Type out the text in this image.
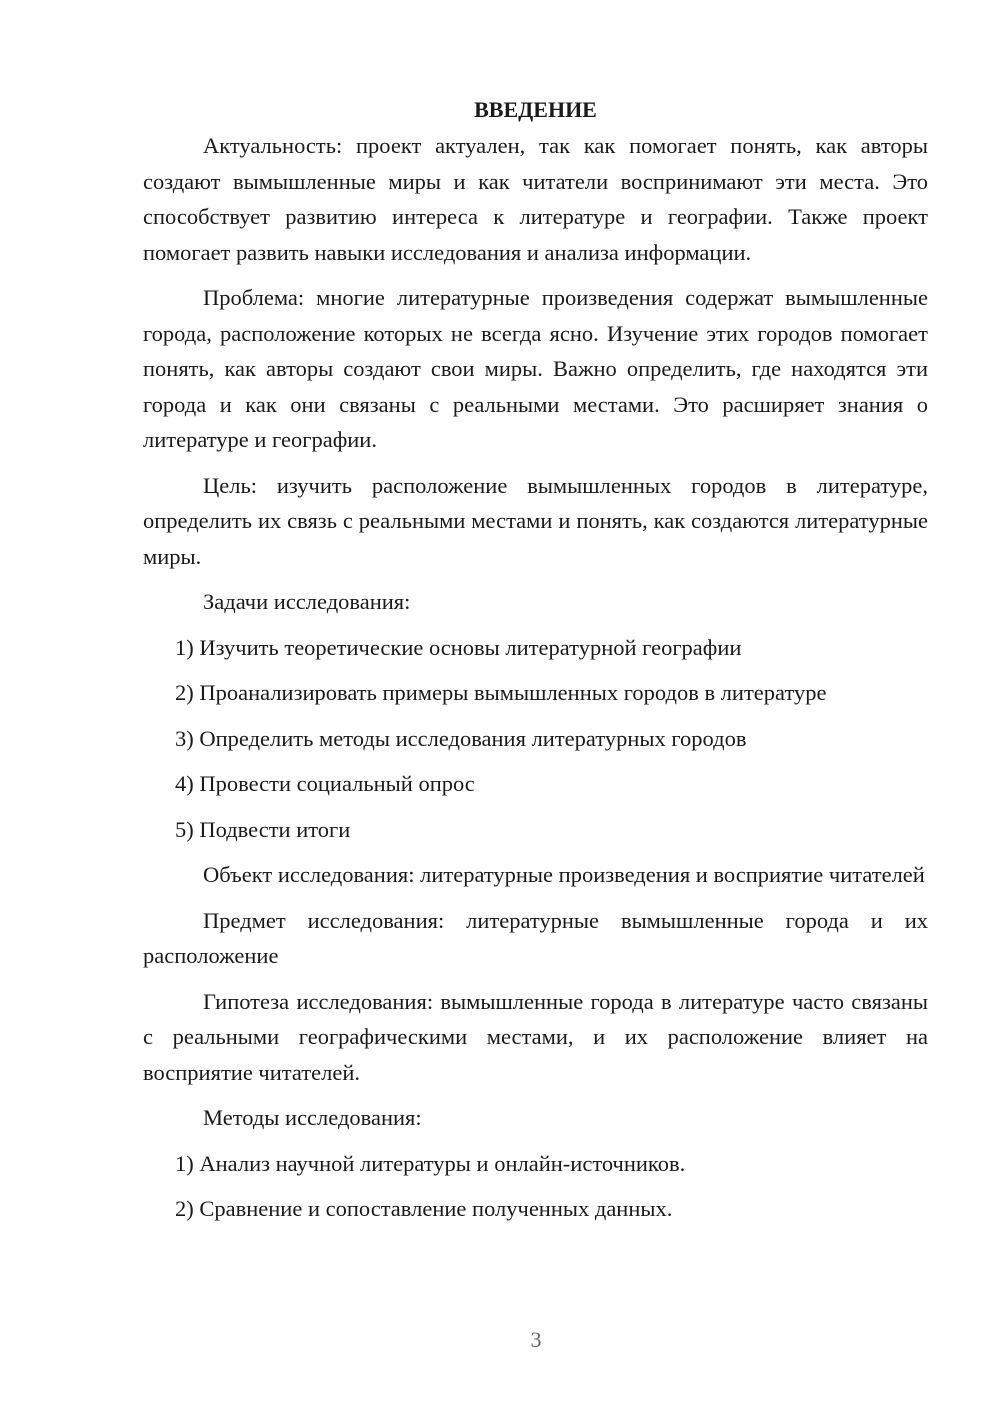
ВВЕДЕНИЕ

Актуальность: проект актуален, так как помогает понять, как авторы создают вымышленные миры и как читатели воспринимают эти места. Это способствует развитию интереса к литературе и географии. Также проект помогает развить навыки исследования и анализа информации.

Проблема: многие литературные произведения содержат вымышленные города, расположение которых не всегда ясно. Изучение этих городов помогает понять, как авторы создают свои миры. Важно определить, где находятся эти города и как они связаны с реальными местами. Это расширяет знания о литературе и географии.

Цель: изучить расположение вымышленных городов в литературе, определить их связь с реальными местами и понять, как создаются литературные миры.

Задачи исследования:

1) Изучить теоретические основы литературной географии
2) Проанализировать примеры вымышленных городов в литературе
3) Определить методы исследования литературных городов
4) Провести социальный опрос
5) Подвести итоги

Объект исследования: литературные произведения и восприятие читателей

Предмет исследования: литературные вымышленные города и их расположение

Гипотеза исследования: вымышленные города в литературе часто связаны с реальными географическими местами, и их расположение влияет на восприятие читателей.

Методы исследования:

1) Анализ научной литературы и онлайн-источников.
2) Сравнение и сопоставление полученных данных.
3
